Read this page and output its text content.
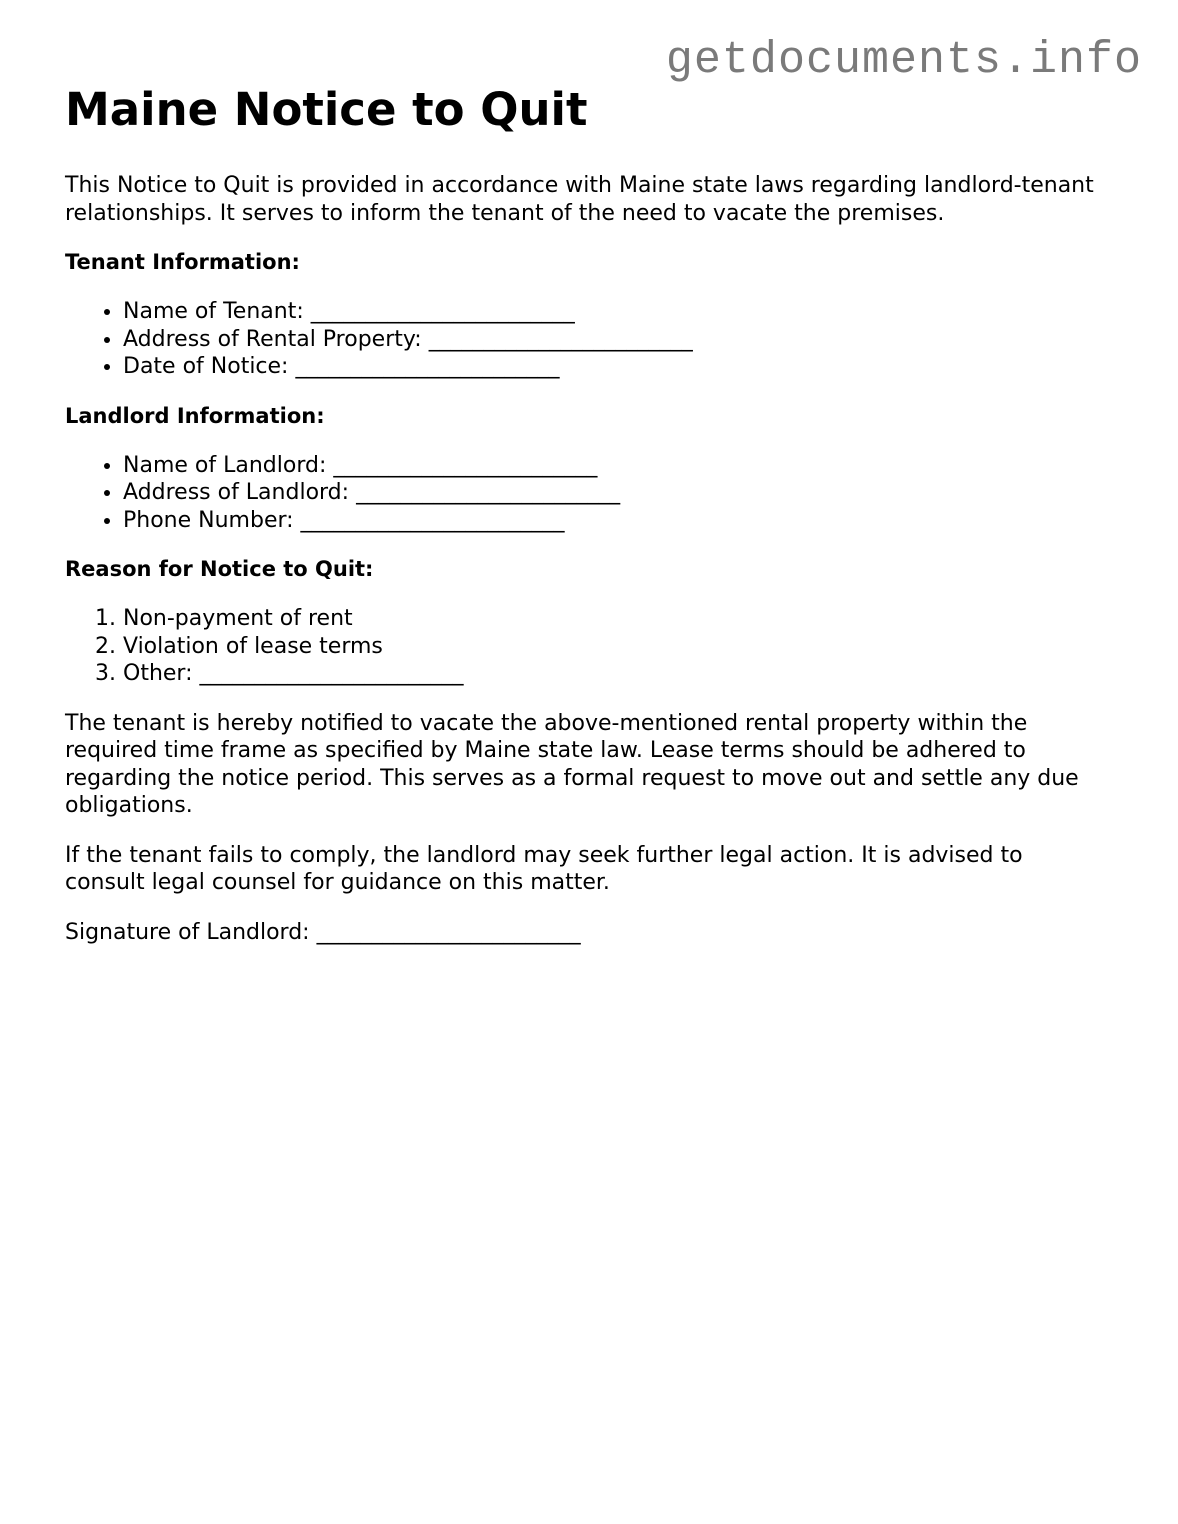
getdocuments.info
Maine Notice to Quit

This Notice to Quit is provided in accordance with Maine state laws regarding landlord-tenant relationships. It serves to inform the tenant of the need to vacate the premises.

Tenant Information:
• Name of Tenant: ________________________
• Address of Rental Property: ________________________
• Date of Notice: ________________________
Landlord Information:
• Name of Landlord: ________________________
• Address of Landlord: ________________________
• Phone Number: ________________________
Reason for Notice to Quit:
1. Non-payment of rent
2. Violation of lease terms
3. Other: ________________________

The tenant is hereby notified to vacate the above-mentioned rental property within the required time frame as specified by Maine state law. Lease terms should be adhered to regarding the notice period. This serves as a formal request to move out and settle any due obligations.

If the tenant fails to comply, the landlord may seek further legal action. It is advised to consult legal counsel for guidance on this matter.

Signature of Landlord: ________________________
